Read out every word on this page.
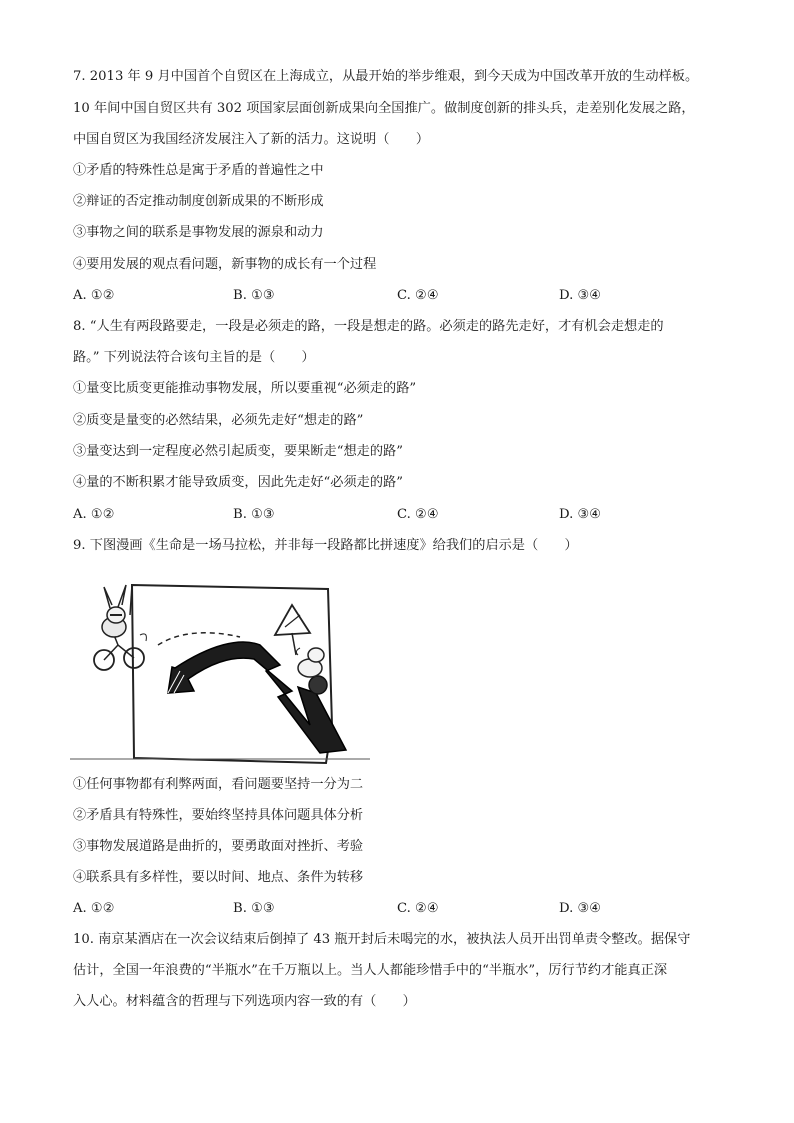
7. 2013 年 9 月中国首个自贸区在上海成立，从最开始的举步维艰，到今天成为中国改革开放的生动样板。
10 年间中国自贸区共有 302 项国家层面创新成果向全国推广。做制度创新的排头兵，走差别化发展之路，
中国自贸区为我国经济发展注入了新的活力。这说明（　　）
①矛盾的特殊性总是寓于矛盾的普遍性之中
②辩证的否定推动制度创新成果的不断形成
③事物之间的联系是事物发展的源泉和动力
④要用发展的观点看问题，新事物的成长有一个过程
A. ①②	B. ①③	C. ②④	D. ③④
8. “人生有两段路要走，一段是必须走的路，一段是想走的路。必须走的路先走好，才有机会走想走的
路。” 下列说法符合该句主旨的是（　　）
①量变比质变更能推动事物发展，所以要重视“必须走的路”
②质变是量变的必然结果，必须先走好“想走的路”
③量变达到一定程度必然引起质变，要果断走“想走的路”
④量的不断积累才能导致质变，因此先走好“必须走的路”
A. ①②	B. ①③	C. ②④	D. ③④
9. 下图漫画《生命是一场马拉松，并非每一段路都比拼速度》给我们的启示是（　　）
①任何事物都有利弊两面，看问题要坚持一分为二
②矛盾具有特殊性，要始终坚持具体问题具体分析
③事物发展道路是曲折的，要勇敢面对挫折、考验
④联系具有多样性，要以时间、地点、条件为转移
A. ①②	B. ①③	C. ②④	D. ③④
10. 南京某酒店在一次会议结束后倒掉了 43 瓶开封后未喝完的水，被执法人员开出罚单责令整改。据保守
估计，全国一年浪费的“半瓶水”在千万瓶以上。当人人都能珍惜手中的“半瓶水”，厉行节约才能真正深
入人心。材料蕴含的哲理与下列选项内容一致的有（　　）
